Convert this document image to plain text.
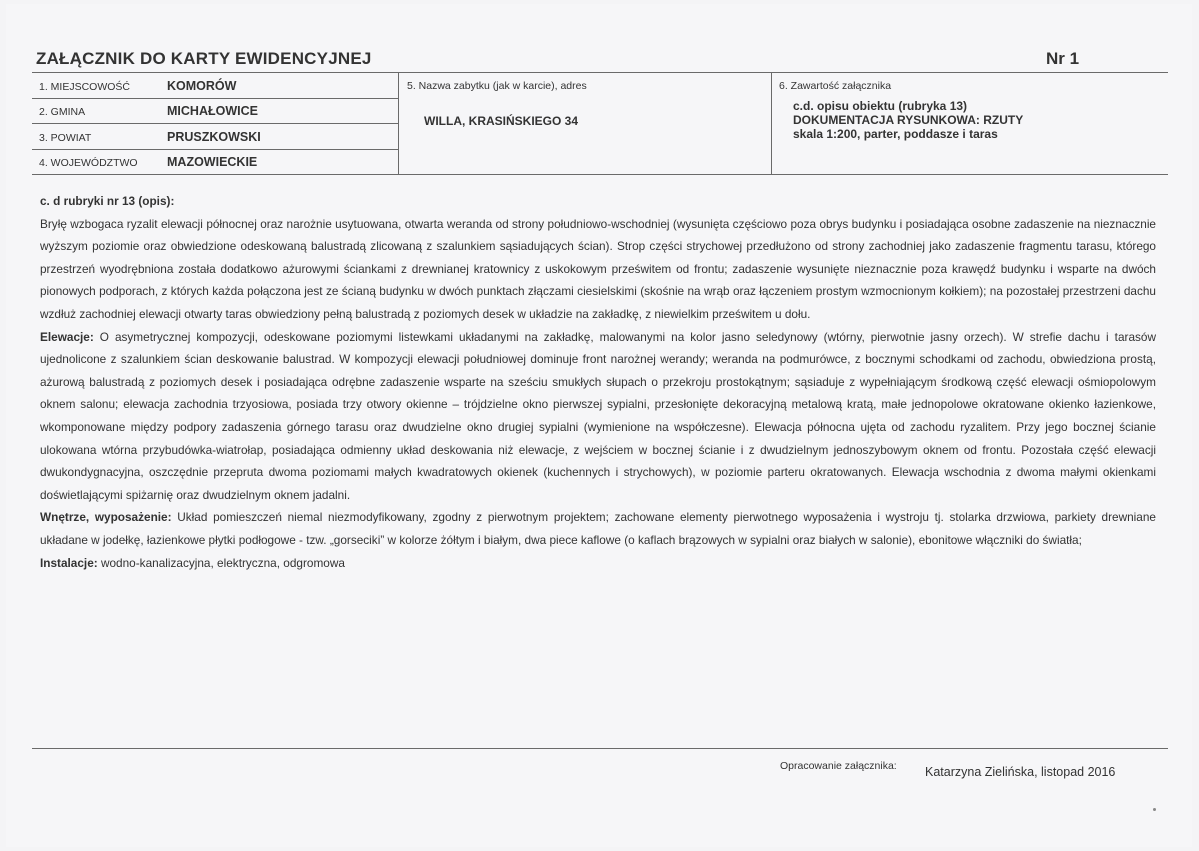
ZAŁĄCZNIK DO KARTY EWIDENCYJNEJ	Nr 1
1. MIEJSCOWOŚĆ	KOMORÓW
2. GMINA	MICHAŁOWICE
3. POWIAT	PRUSZKOWSKI
4. WOJEWÓDZTWO MAZOWIECKIE
5. Nazwa zabytku (jak w karcie), adres
WILLA, KRASIŃSKIEGO 34
6. Zawartość załącznika
c.d. opisu obiektu (rubryka 13)
DOKUMENTACJA RYSUNKOWA: RZUTY
skala 1:200, parter, poddasze i taras
c. d rubryki nr 13 (opis):

Bryłę wzbogaca ryzalit elewacji północnej oraz narożnie usytuowana, otwarta weranda od strony południowo-wschodniej (wysunięta częściowo poza obrys budynku i posiadająca osobne zadaszenie na nieznacznie wyższym poziomie oraz obwiedzione odeskowaną balustradą zlicowaną z szalunkiem sąsiadujących ścian). Strop części strychowej przedłużono od strony zachodniej jako zadaszenie fragmentu tarasu, którego przestrzeń wyodrębniona została dodatkowo ażurowymi ściankami z drewnianej kratownicy z uskokowym prześwitem od frontu; zadaszenie wysunięte nieznacznie poza krawędź budynku i wsparte na dwóch pionowych podporach, z których każda połączona jest ze ścianą budynku w dwóch punktach złączami ciesielskimi (skośnie na wrąb oraz łączeniem prostym wzmocnionym kołkiem); na pozostałej przestrzeni dachu wzdłuż zachodniej elewacji otwarty taras obwiedziony pełną balustradą z poziomych desek w układzie na zakładkę, z niewielkim prześwitem u dołu.

Elewacje: O asymetrycznej kompozycji, odeskowane poziomymi listewkami układanymi na zakładkę, malowanymi na kolor jasno seledynowy (wtórny, pierwotnie jasny orzech). W strefie dachu i tarasów ujednolicone z szalunkiem ścian deskowanie balustrad. W kompozycji elewacji południowej dominuje front narożnej werandy; weranda na podmurówce, z bocznymi schodkami od zachodu, obwiedziona prostą, ażurową balustradą z poziomych desek i posiadająca odrębne zadaszenie wsparte na sześciu smukłych słupach o przekroju prostokątnym; sąsiaduje z wypełniającym środkową część elewacji ośmiopolowym oknem salonu; elewacja zachodnia trzyosiowa, posiada trzy otwory okienne – trójdzielne okno pierwszej sypialni, przesłonięte dekoracyjną metalową kratą, małe jednopolowe okratowane okienko łazienkowe, wkomponowane między podpory zadaszenia górnego tarasu oraz dwudzielne okno drugiej sypialni (wymienione na współczesne). Elewacja północna ujęta od zachodu ryzalitem. Przy jego bocznej ścianie ulokowana wtórna przybudówka-wiatrołap, posiadająca odmienny układ deskowania niż elewacje, z wejściem w bocznej ścianie i z dwudzielnym jednoszybowym oknem od frontu. Pozostała część elewacji dwukondygnacyjna, oszczędnie przepruta dwoma poziomami małych kwadratowych okienek (kuchennych i strychowych), w poziomie parteru okratowanych. Elewacja wschodnia z dwoma małymi okienkami doświetlającymi spiżarnię oraz dwudzielnym oknem jadalni.

Wnętrze, wyposażenie: Układ pomieszczeń niemal niezmodyfikowany, zgodny z pierwotnym projektem; zachowane elementy pierwotnego wyposażenia i wystroju tj. stolarka drzwiowa, parkiety drewniane układane w jodełkę, łazienkowe płytki podłogowe - tzw. „gorseciki” w kolorze żółtym i białym, dwa piece kaflowe (o kaflach brązowych w sypialni oraz białych w salonie), ebonitowe włączniki do światła;

Instalacje: wodno-kanalizacyjna, elektryczna, odgromowa

Opracowanie załącznika: Katarzyna Zielińska, listopad 2016
